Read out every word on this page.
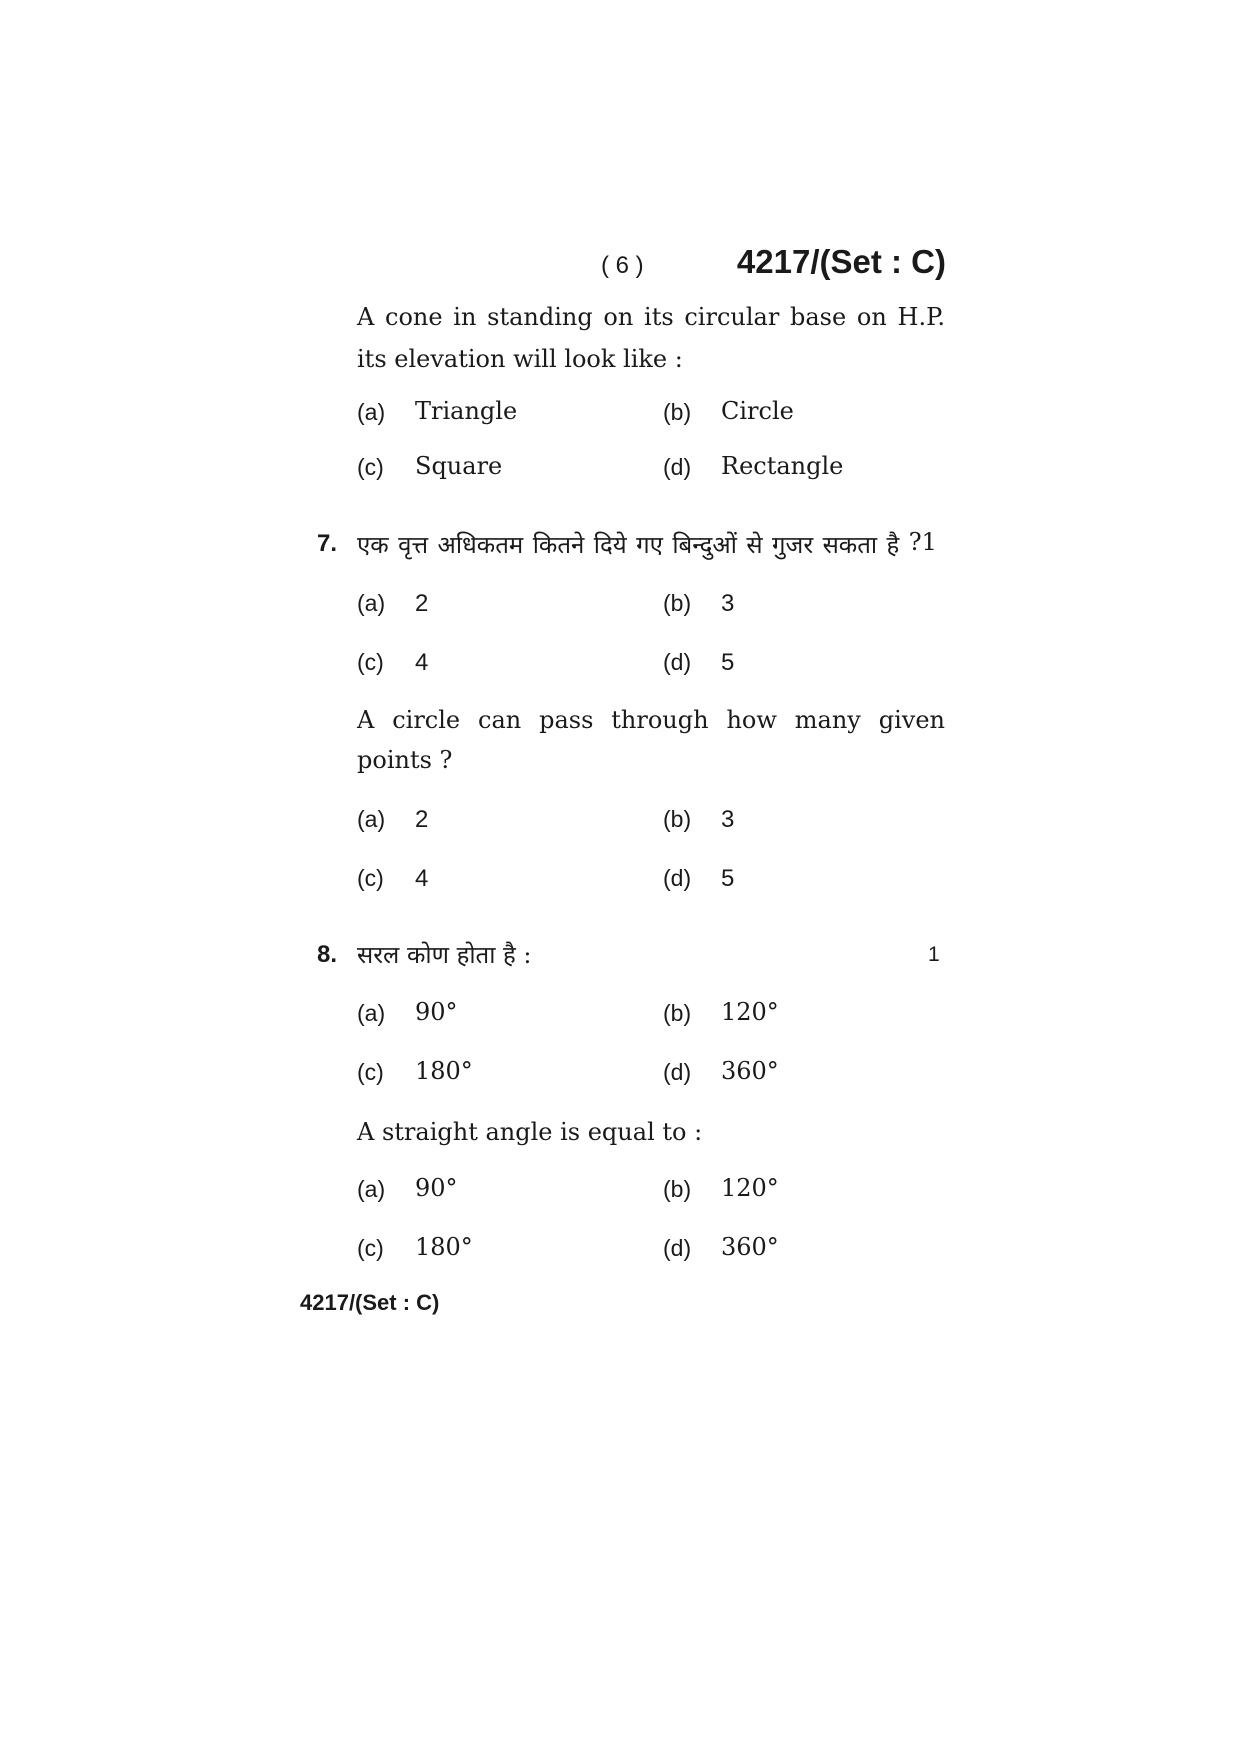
( 6 )	4217/(Set : C)
A cone in standing on its circular base on H.P.
its elevation will look like :
(a) Triangle	(b) Circle
(c) Square	(d) Rectangle
7. एक वृत्त अधिकतम कितने दिये गए बिन्दुओं से गुजर सकता है ?1
(a) 2	(b) 3
(c) 4	(d) 5
A circle can pass through how many given
points ?
(a) 2	(b) 3
(c) 4	(d) 5
8. सरल कोण होता है :	1
(a) 90°	(b) 120°
(c) 180°	(d) 360°
A straight angle is equal to :
(a) 90°	(b) 120°
(c) 180°	(d) 360°
4217/(Set : C)
